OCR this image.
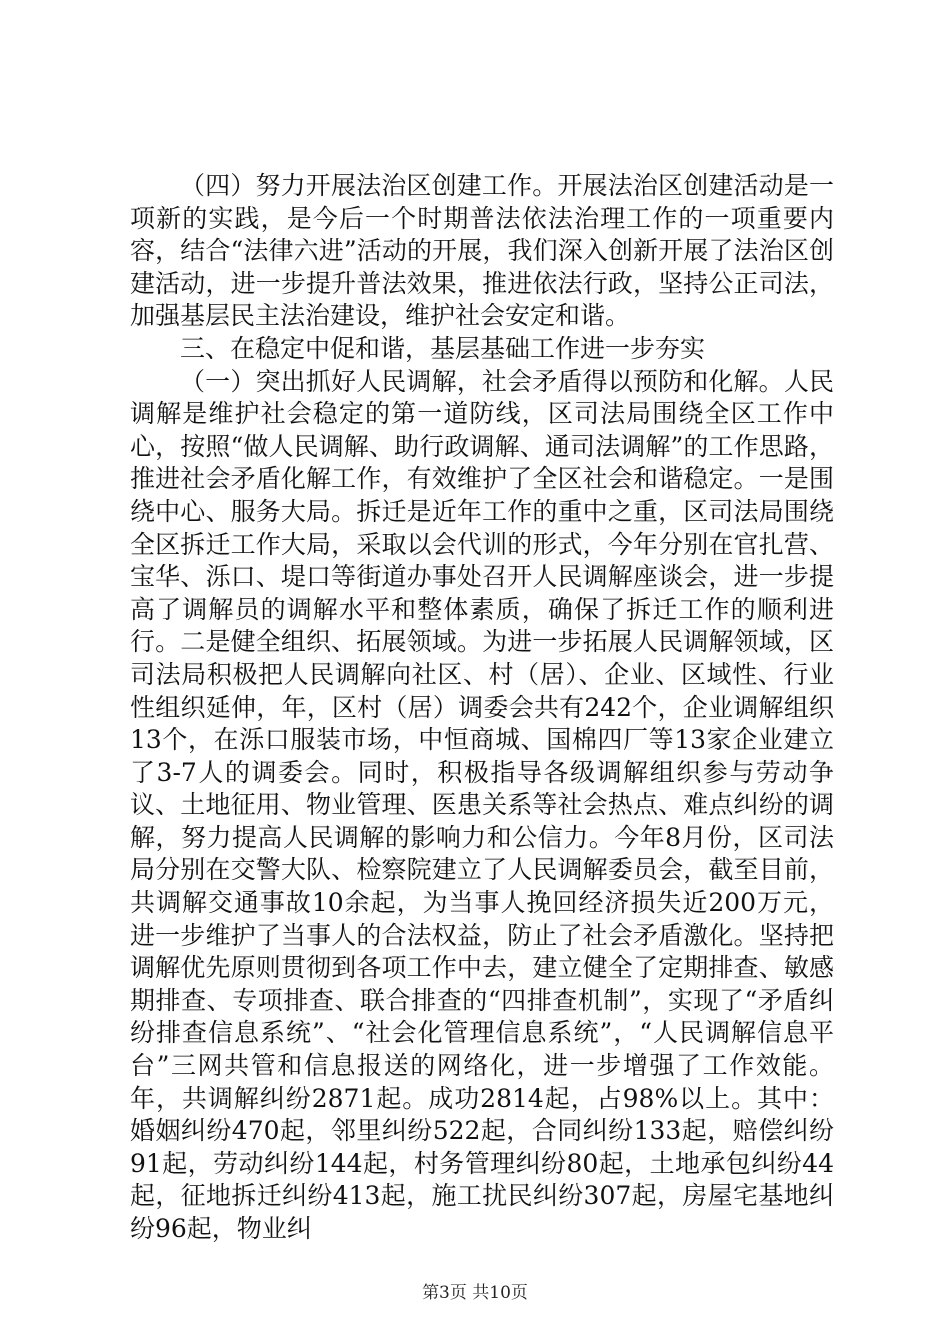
（四）努力开展法治区创建工作。开展法治区创建活动是一项新的实践，是今后一个时期普法依法治理工作的一项重要内容，结合“法律六进”活动的开展，我们深入创新开展了法治区创建活动，进一步提升普法效果，推进依法行政，坚持公正司法，加强基层民主法治建设，维护社会安定和谐。

三、在稳定中促和谐，基层基础工作进一步夯实

（一）突出抓好人民调解，社会矛盾得以预防和化解。人民调解是维护社会稳定的第一道防线，区司法局围绕全区工作中心，按照“做人民调解、助行政调解、通司法调解”的工作思路，推进社会矛盾化解工作，有效维护了全区社会和谐稳定。一是围绕中心、服务大局。拆迁是近年工作的重中之重，区司法局围绕全区拆迁工作大局，采取以会代训的形式，今年分别在官扎营、宝华、泺口、堤口等街道办事处召开人民调解座谈会，进一步提高了调解员的调解水平和整体素质，确保了拆迁工作的顺利进行。二是健全组织、拓展领域。为进一步拓展人民调解领域，区司法局积极把人民调解向社区、村（居）、企业、区域性、行业性组织延伸，年，区村（居）调委会共有242个，企业调解组织13个，在泺口服装市场，中恒商城、国棉四厂等13家企业建立了3-7人的调委会。同时，积极指导各级调解组织参与劳动争议、土地征用、物业管理、医患关系等社会热点、难点纠纷的调解，努力提高人民调解的影响力和公信力。今年8月份，区司法局分别在交警大队、检察院建立了人民调解委员会，截至目前，共调解交通事故10余起，为当事人挽回经济损失近200万元，进一步维护了当事人的合法权益，防止了社会矛盾激化。坚持把调解优先原则贯彻到各项工作中去，建立健全了定期排查、敏感期排查、专项排查、联合排查的“四排查机制”，实现了“矛盾纠纷排查信息系统”、“社会化管理信息系统”，“人民调解信息平台”三网共管和信息报送的网络化，进一步增强了工作效能。年，共调解纠纷2871起。成功2814起，占98%以上。其中：婚姻纠纷470起，邻里纠纷522起，合同纠纷133起，赔偿纠纷91起，劳动纠纷144起，村务管理纠纷80起，土地承包纠纷44起，征地拆迁纠纷413起，施工扰民纠纷307起，房屋宅基地纠纷96起，物业纠

第3页 共10页
